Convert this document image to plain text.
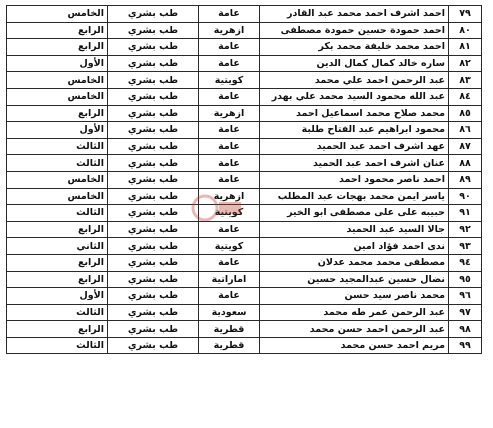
٧٩	احمد اشرف احمد محمد عبد القادر	عامة	طب بشري	الخامس
٨٠	احمد حمودة حسين حمودة مصطفى	ازهرية	طب بشري	الرابع
٨١	احمد محمد خليفة محمد بكر	عامة	طب بشري	الرابع
٨٢	ساره خالد كمال كمال الدين	عامة	طب بشري	الأول
٨٣	عبد الرحمن احمد علي محمد	كويتية	طب بشري	الخامس
٨٤	عبد الله محمود السيد محمد علي بهدر	عامة	طب بشري	الخامس
٨٥	محمد صلاح محمد اسماعيل احمد	ازهرية	طب بشري	الرابع
٨٦	محمود ابراهيم عبد الفتاح طلبة	عامة	طب بشري	الأول
٨٧	عهد اشرف احمد عبد الحميد	عامة	طب بشري	الثالث
٨٨	عنان اشرف احمد عبد الحميد	عامة	طب بشري	الثالث
٨٩	احمد ناصر محمود احمد	عامة	طب بشري	الخامس
٩٠	ياسر ايمن محمد بهجات عبد المطلب	ازهرية	طب بشري	الخامس
٩١	حبيبه على على مصطفى ابو الخير	كويتية	طب بشري	الثالث
٩٢	جالا السيد عبد الحميد	عامة	طب بشري	الرابع
٩٣	ندى احمد فؤاد امين	كويتية	طب بشري	الثاني
٩٤	مصطفى محمد محمد عدلان	عامة	طب بشري	الرابع
٩٥	نضال حسين عبدالمجيد حسين	اماراتية	طب بشري	الرابع
٩٦	محمد ناصر سيد حسن	عامة	طب بشري	الأول
٩٧	عبد الرحمن عمر طه محمد	سعودية	طب بشري	الثالث
٩٨	عبد الرحمن احمد حسن محمد	قطرية	طب بشري	الرابع
٩٩	مريم احمد حسن محمد	قطرية	طب بشري	الثالث
